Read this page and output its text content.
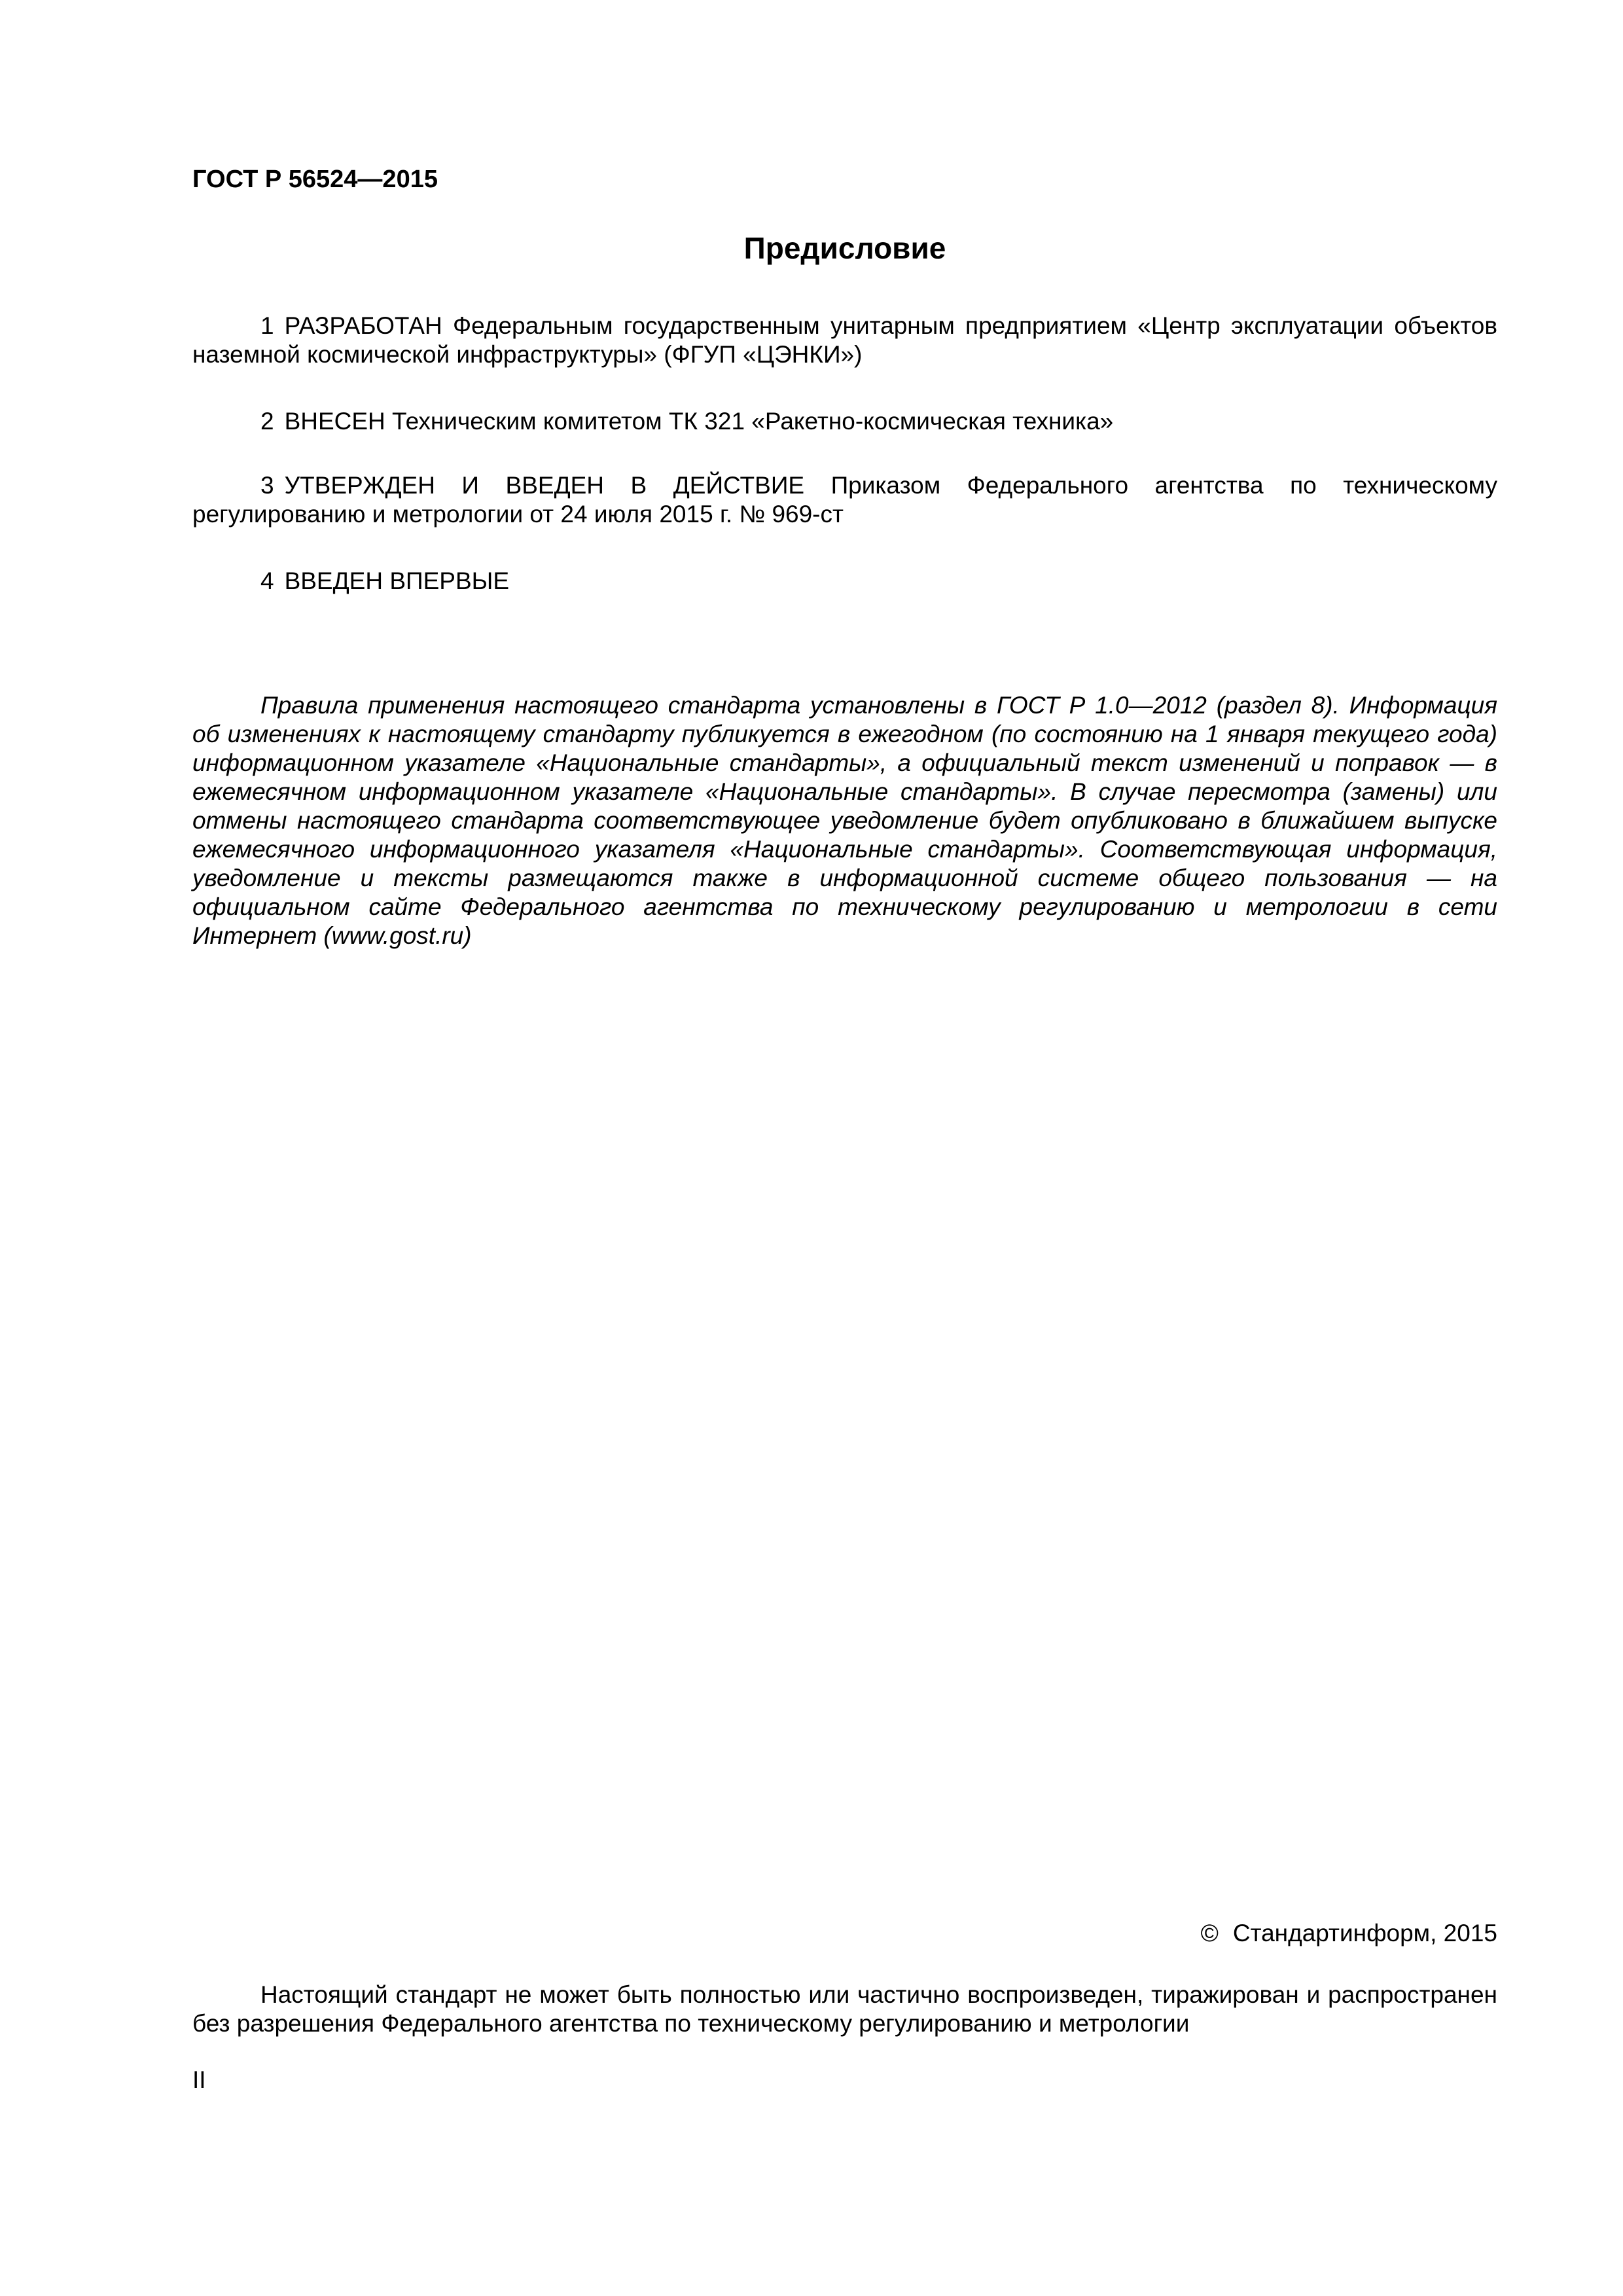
ГОСТ Р 56524—2015
Предисловие
1 РАЗРАБОТАН Федеральным государственным унитарным предприятием «Центр эксплуатации объектов наземной космической инфраструктуры» (ФГУП «ЦЭНКИ»)
2 ВНЕСЕН Техническим комитетом ТК 321 «Ракетно-космическая техника»
3 УТВЕРЖДЕН И ВВЕДЕН В ДЕЙСТВИЕ Приказом Федерального агентства по техническому регулированию и метрологии от 24 июля 2015 г. № 969-ст
4 ВВЕДЕН ВПЕРВЫЕ
Правила применения настоящего стандарта установлены в ГОСТ Р 1.0—2012 (раздел 8). Информация об изменениях к настоящему стандарту публикуется в ежегодном (по состоянию на 1 января текущего года) информационном указателе «Национальные стандарты», а официальный текст изменений и поправок — в ежемесячном информационном указателе «Национальные стандарты». В случае пересмотра (замены) или отмены настоящего стандарта соответствующее уведомление будет опубликовано в ближайшем выпуске ежемесячного информационного указателя «Национальные стандарты». Соответствующая информация, уведомление и тексты размещаются также в информационной системе общего пользования — на официальном сайте Федерального агентства по техническому регулированию и метрологии в сети Интернет (www.gost.ru)
© Стандартинформ, 2015
Настоящий стандарт не может быть полностью или частично воспроизведен, тиражирован и распространен без разрешения Федерального агентства по техническому регулированию и метрологии
II
